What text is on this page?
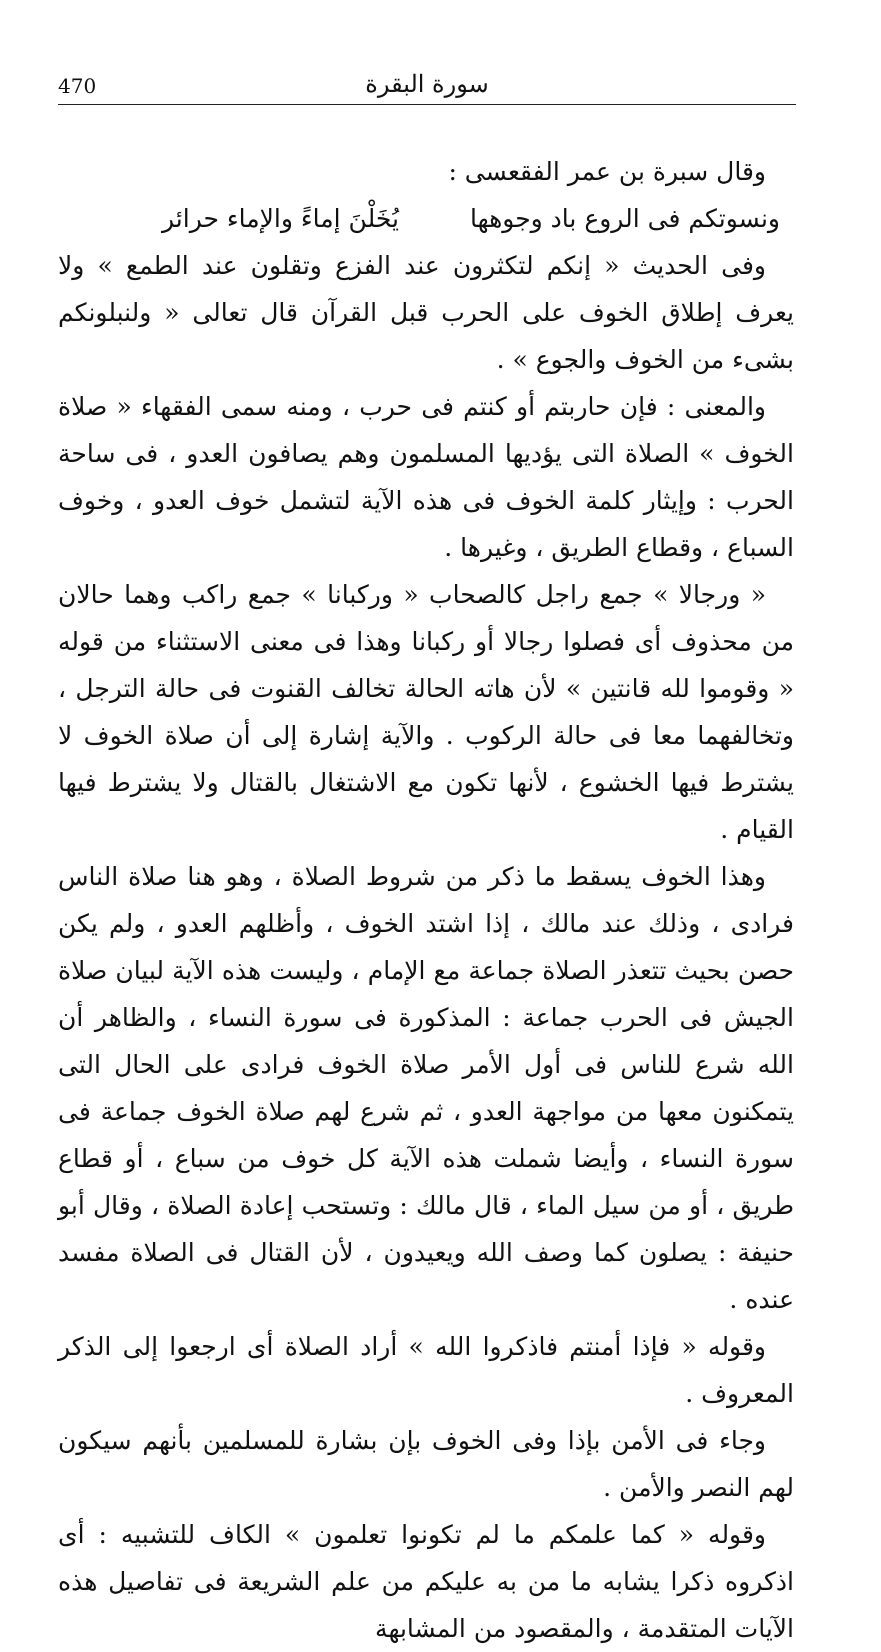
470	سورة البقرة

وقال سبرة بن عمر الفقعسى :

ونسوتكم فى الروع باد وجوهها
يُخَلْنَ إماءً والإماء حرائر

وفى الحديث « إنكم لتكثرون عند الفزع وتقلون عند الطمع » ولا يعرف إطلاق الخوف على الحرب قبل القرآن قال تعالى « ولنبلونكم بشىء من الخوف والجوع » .

والمعنى : فإن حاربتم أو كنتم فى حرب ، ومنه سمى الفقهاء « صلاة الخوف » الصلاة التى يؤديها المسلمون وهم يصافون العدو ، فى ساحة الحرب : وإيثار كلمة الخوف فى هذه الآية لتشمل خوف العدو ، وخوف السباع ، وقطاع الطريق ، وغيرها .

« ورجالا » جمع راجل كالصحاب « وركبانا » جمع راكب وهما حالان من محذوف أى فصلوا رجالا أو ركبانا وهذا فى معنى الاستثناء من قوله « وقوموا لله قانتين » لأن هاته الحالة تخالف القنوت فى حالة الترجل ، وتخالفهما معا فى حالة الركوب . والآية إشارة إلى أن صلاة الخوف لا يشترط فيها الخشوع ، لأنها تكون مع الاشتغال بالقتال ولا يشترط فيها القيام .

وهذا الخوف يسقط ما ذكر من شروط الصلاة ، وهو هنا صلاة الناس فرادى ، وذلك عند مالك ، إذا اشتد الخوف ، وأظلهم العدو ، ولم يكن حصن بحيث تتعذر الصلاة جماعة مع الإمام ، وليست هذه الآية لبيان صلاة الجيش فى الحرب جماعة : المذكورة فى سورة النساء ، والظاهر أن الله شرع للناس فى أول الأمر صلاة الخوف فرادى على الحال التى يتمكنون معها من مواجهة العدو ، ثم شرع لهم صلاة الخوف جماعة فى سورة النساء ، وأيضا شملت هذه الآية كل خوف من سباع ، أو قطاع طريق ، أو من سيل الماء ، قال مالك : وتستحب إعادة الصلاة ، وقال أبو حنيفة : يصلون كما وصف الله ويعيدون ، لأن القتال فى الصلاة مفسد عنده .

وقوله « فإذا أمنتم فاذكروا الله » أراد الصلاة أى ارجعوا إلى الذكر المعروف .

وجاء فى الأمن بإذا وفى الخوف بإن بشارة للمسلمين بأنهم سيكون لهم النصر والأمن .

وقوله « كما علمكم ما لم تكونوا تعلمون » الكاف للتشبيه : أى اذكروه ذكرا يشابه ما من به عليكم من علم الشريعة فى تفاصيل هذه الآيات المتقدمة ، والمقصود من المشابهة
